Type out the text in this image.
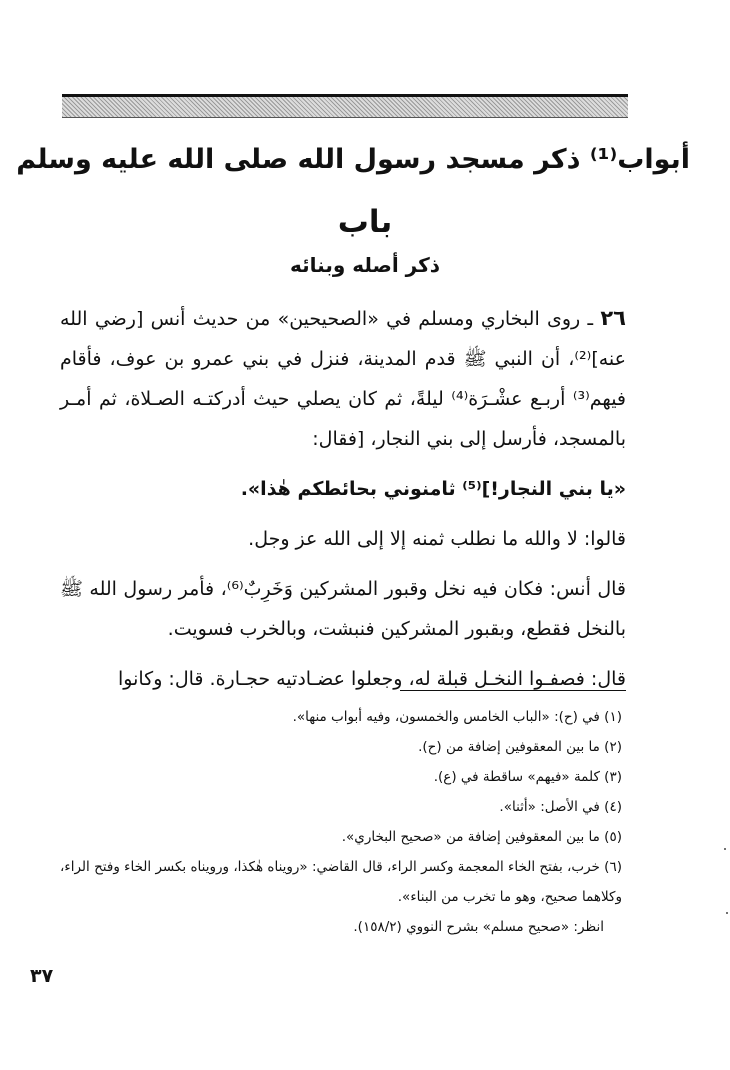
أبواب⁽¹⁾ ذكر مسجد رسول الله صلى الله عليه وسلم
باب
ذكر أصله وبنائه

٢٦ ـ روى البخاري ومسلم في «الصحيحين» من حديث أنس [رضي الله عنه]⁽²⁾، أن النبي ﷺ قدم المدينة، فنزل في بني عمرو بن عوف، فأقام فيهم⁽³⁾ أربـع عشْـرَة⁽⁴⁾ ليلةً، ثم كان يصلي حيث أدركتـه الصـلاة، ثم أمـر بالمسجد، فأرسل إلى بني النجار، [فقال:

«يا بني النجار!]⁽⁵⁾ ثامنوني بحائطكم هٰذا».

قالوا: لا والله ما نطلب ثمنه إلا إلى الله عز وجل.

قال أنس: فكان فيه نخل وقبور المشركين وَخَرِبٌ⁽⁶⁾، فأمر رسول الله ﷺ بالنخل فقطع، وبقبور المشركين فنبشت، وبالخرب فسويت.

قال: فصفـوا النخـل قبلة له، وجعلوا عضـادتيه حجـارة. قال: وكانوا

(١) في (ح): «الباب الخامس والخمسون، وفيه أبواب منها».

(٢) ما بين المعقوفين إضافة من (ح).

(٣) كلمة «فيهم» ساقطة في (ع).

(٤) في الأصل: «أثنا».

(٥) ما بين المعقوفين إضافة من «صحيح البخاري».

(٦) خرب، بفتح الخاء المعجمة وكسر الراء، قال القاضي: «رويناه هٰكذا، ورويناه بكسر الخاء وفتح الراء، وكلاهما صحيح، وهو ما تخرب من البناء».

انظر: «صحيح مسلم» بشرح النووي (١٥٨/٢).

٣٧
